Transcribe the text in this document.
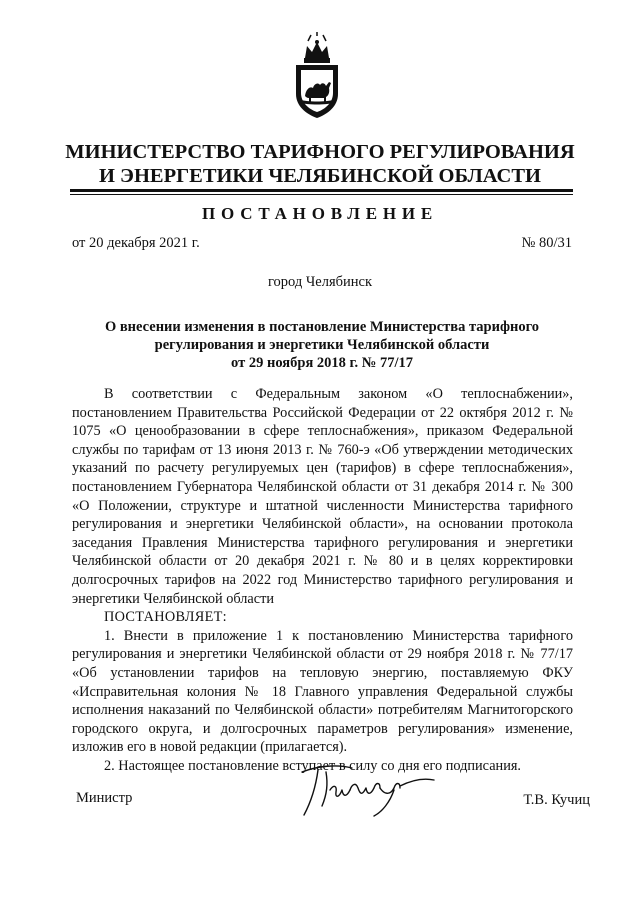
МИНИСТЕРСТВО ТАРИФНОГО РЕГУЛИРОВАНИЯ
И ЭНЕРГЕТИКИ ЧЕЛЯБИНСКОЙ ОБЛАСТИ
ПОСТАНОВЛЕНИЕ
от 20 декабря 2021 г.	№ 80/31
город Челябинск
О внесении изменения в постановление Министерства тарифного
регулирования и энергетики Челябинской области
от 29 ноября 2018 г. № 77/17

В соответствии с Федеральным законом «О теплоснабжении», постановлением Правительства Российской Федерации от 22 октября 2012 г. № 1075 «О ценообразовании в сфере теплоснабжения», приказом Федеральной службы по тарифам от 13 июня 2013 г. № 760-э «Об утверждении методических указаний по расчету регулируемых цен (тарифов) в сфере теплоснабжения», постановлением Губернатора Челябинской области от 31 декабря 2014 г. № 300 «О Положении, структуре и штатной численности Министерства тарифного регулирования и энергетики Челябинской области», на основании протокола заседания Правления Министерства тарифного регулирования и энергетики Челябинской области от 20 декабря 2021 г. № 80 и в целях корректировки долгосрочных тарифов на 2022 год Министерство тарифного регулирования и энергетики Челябинской области

ПОСТАНОВЛЯЕТ:

1. Внести в приложение 1 к постановлению Министерства тарифного регулирования и энергетики Челябинской области от 29 ноября 2018 г. № 77/17 «Об установлении тарифов на тепловую энергию, поставляемую ФКУ «Исправительная колония № 18 Главного управления Федеральной службы исполнения наказаний по Челябинской области» потребителям Магнитогорского городского округа, и долгосрочных параметров регулирования» изменение, изложив его в новой редакции (прилагается).

2. Настоящее постановление вступает в силу со дня его подписания.

Министр	Т.В. Кучиц
